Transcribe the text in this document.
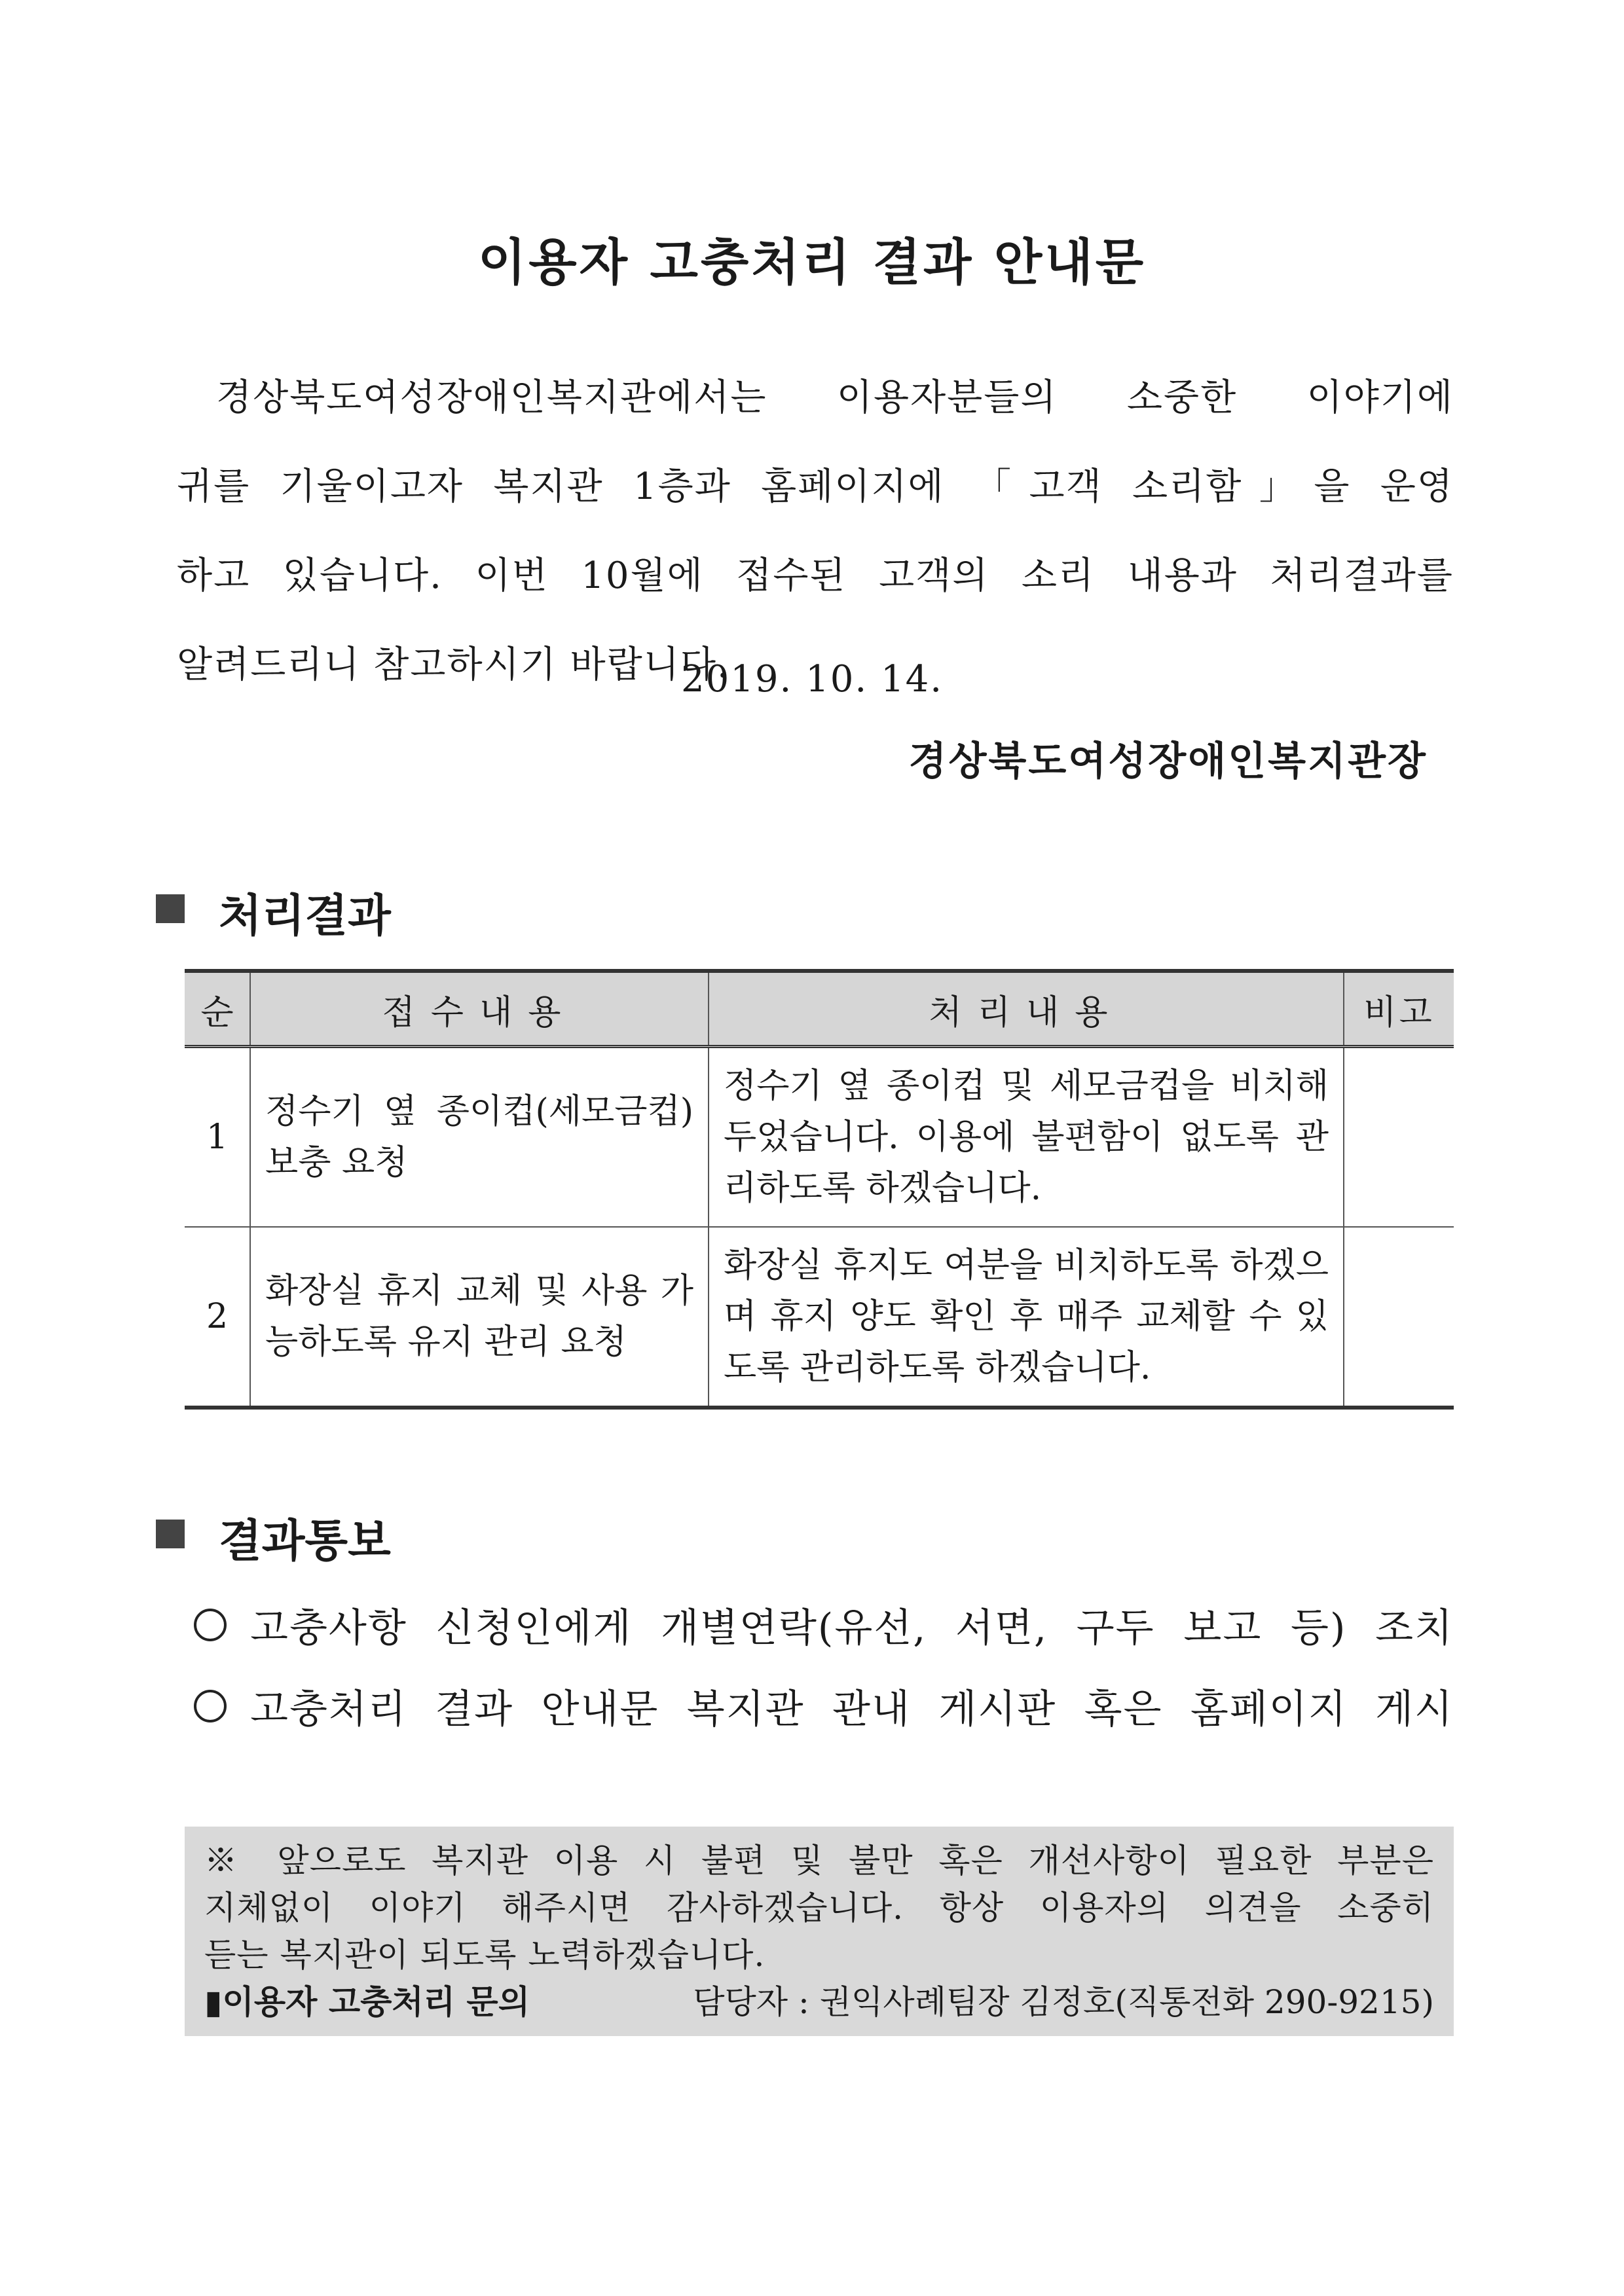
이용자 고충처리 결과 안내문
경상북도여성장애인복지관에서는 이용자분들의 소중한 이야기에
귀를 기울이고자 복지관 1층과 홈페이지에 「고객 소리함」을 운영
하고 있습니다. 이번 10월에 접수된 고객의 소리 내용과 처리결과를
알려드리니 참고하시기 바랍니다.
2019. 10. 14.
경상북도여성장애인복지관장
처리결과
순	접수내용	처리내용	비고
1	정수기 옆 종이컵(세모금컵) 보충 요청	정수기 옆 종이컵 및 세모금컵을 비치해 두었습니다. 이용에 불편함이 없도록 관리하도록 하겠습니다.	
2	화장실 휴지 교체 및 사용 가능하도록 유지 관리 요청	화장실 휴지도 여분을 비치하도록 하겠으며 휴지 양도 확인 후 매주 교체할 수 있도록 관리하도록 하겠습니다.	
결과통보
고충사항 신청인에게 개별연락(유선, 서면, 구두 보고 등) 조치
고충처리 결과 안내문 복지관 관내 게시판 혹은 홈페이지 게시
※ 앞으로도 복지관 이용 시 불편 및 불만 혹은 개선사항이 필요한 부분은
지체없이 이야기 해주시면 감사하겠습니다. 항상 이용자의 의견을 소중히
듣는 복지관이 되도록 노력하겠습니다.
▮이용자 고충처리 문의	담당자 : 권익사례팀장 김정호(직통전화 290-9215)
